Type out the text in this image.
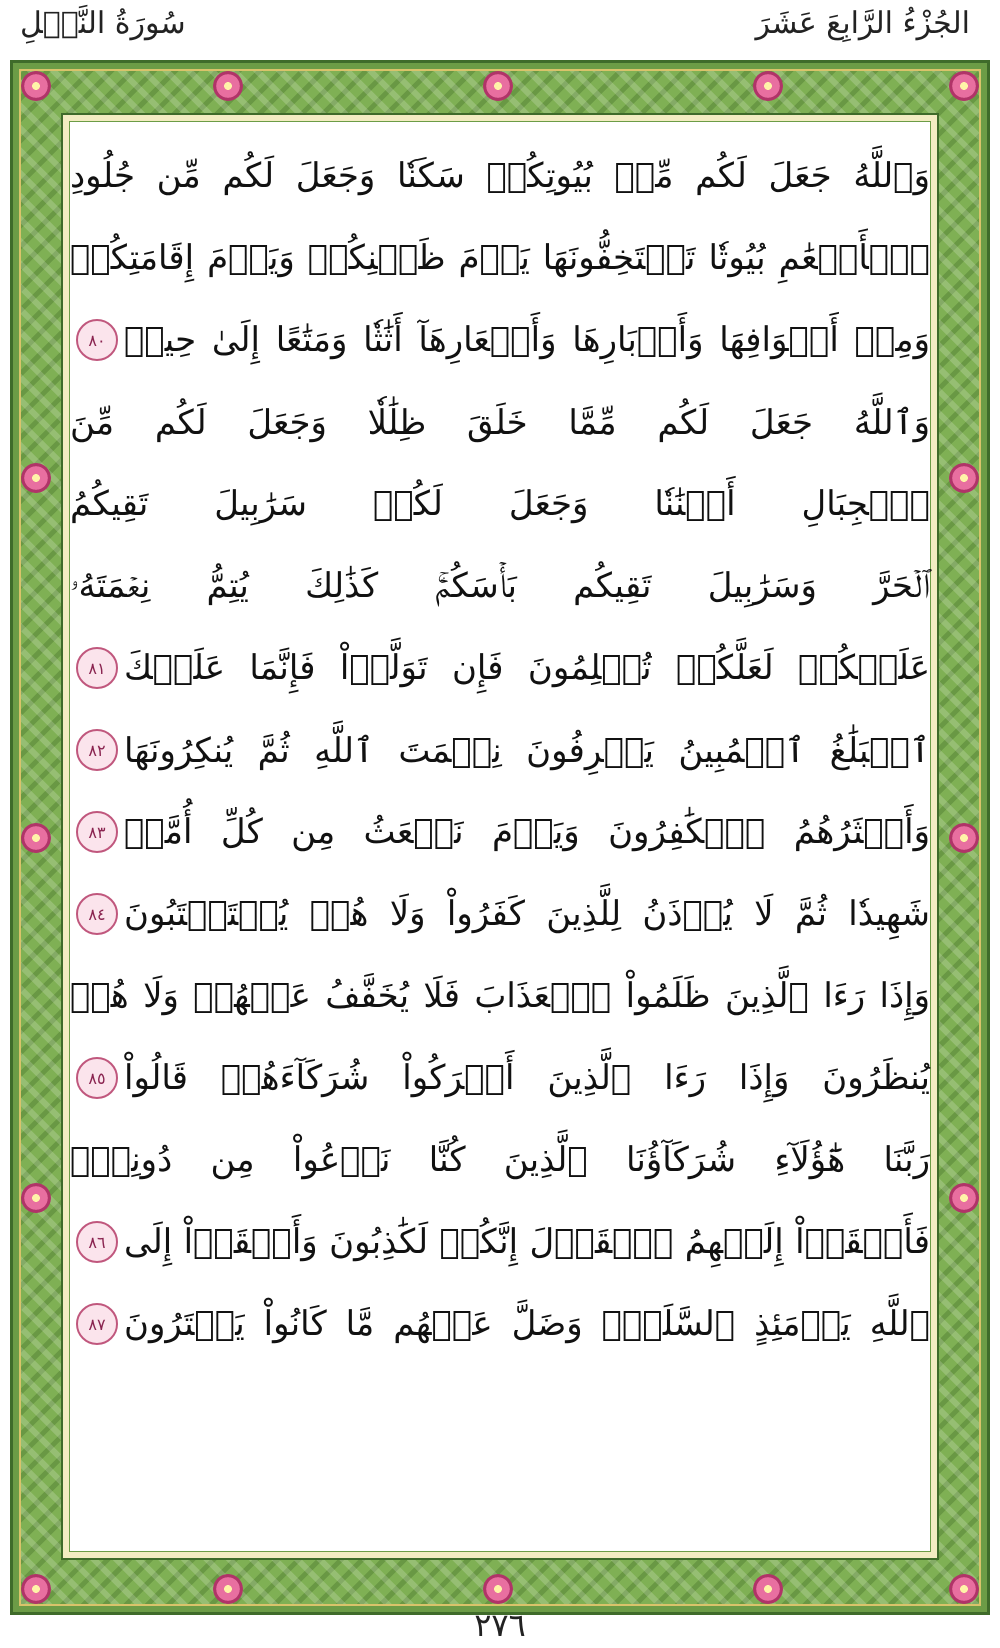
الجُزْءُ الرَّابِعَ عَشَرَ
سُورَةُ النَّحۡلِ
وَٱللَّهُ جَعَلَ لَكُم مِّنۢ بُيُوتِكُمۡ سَكَنٗا وَجَعَلَ لَكُم مِّن جُلُودِ
ٱلۡأَنۡعَٰمِ بُيُوتٗا تَسۡتَخِفُّونَهَا يَوۡمَ ظَعۡنِكُمۡ وَيَوۡمَ إِقَامَتِكُمۡ
وَمِنۡ أَصۡوَافِهَا وَأَوۡبَارِهَا وَأَشۡعَارِهَآ أَثَٰثٗا وَمَتَٰعًا إِلَىٰ حِينٖ
٨٠
وَٱللَّهُ جَعَلَ لَكُم مِّمَّا خَلَقَ ظِلَٰلٗا وَجَعَلَ لَكُم مِّنَ
ٱلۡجِبَالِ أَكۡنَٰنٗا وَجَعَلَ لَكُمۡ سَرَٰبِيلَ تَقِيكُمُ
ٱلۡحَرَّ وَسَرَٰبِيلَ تَقِيكُم بَأۡسَكُمۡۚ كَذَٰلِكَ يُتِمُّ نِعۡمَتَهُۥ
عَلَيۡكُمۡ لَعَلَّكُمۡ تُسۡلِمُونَ فَإِن تَوَلَّوۡاْ فَإِنَّمَا عَلَيۡكَ
٨١
ٱلۡبَلَٰغُ ٱلۡمُبِينُ يَعۡرِفُونَ نِعۡمَتَ ٱللَّهِ ثُمَّ يُنكِرُونَهَا
٨٢
وَأَكۡثَرُهُمُ ٱلۡكَٰفِرُونَ وَيَوۡمَ نَبۡعَثُ مِن كُلِّ أُمَّةٖ
٨٣
شَهِيدٗا ثُمَّ لَا يُؤۡذَنُ لِلَّذِينَ كَفَرُواْ وَلَا هُمۡ يُسۡتَعۡتَبُونَ
٨٤
وَإِذَا رَءَا ٱلَّذِينَ ظَلَمُواْ ٱلۡعَذَابَ فَلَا يُخَفَّفُ عَنۡهُمۡ وَلَا هُمۡ
يُنظَرُونَ وَإِذَا رَءَا ٱلَّذِينَ أَشۡرَكُواْ شُرَكَآءَهُمۡ قَالُواْ
٨٥
رَبَّنَا هَٰٓؤُلَآءِ شُرَكَآؤُنَا ٱلَّذِينَ كُنَّا نَدۡعُواْ مِن دُونِكَۖ
فَأَلۡقَوۡاْ إِلَيۡهِمُ ٱلۡقَوۡلَ إِنَّكُمۡ لَكَٰذِبُونَ وَأَلۡقَوۡاْ إِلَى
٨٦
ٱللَّهِ يَوۡمَئِذٍ ٱلسَّلَمَۖ وَضَلَّ عَنۡهُم مَّا كَانُواْ يَفۡتَرُونَ
٨٧
٢٧٦
